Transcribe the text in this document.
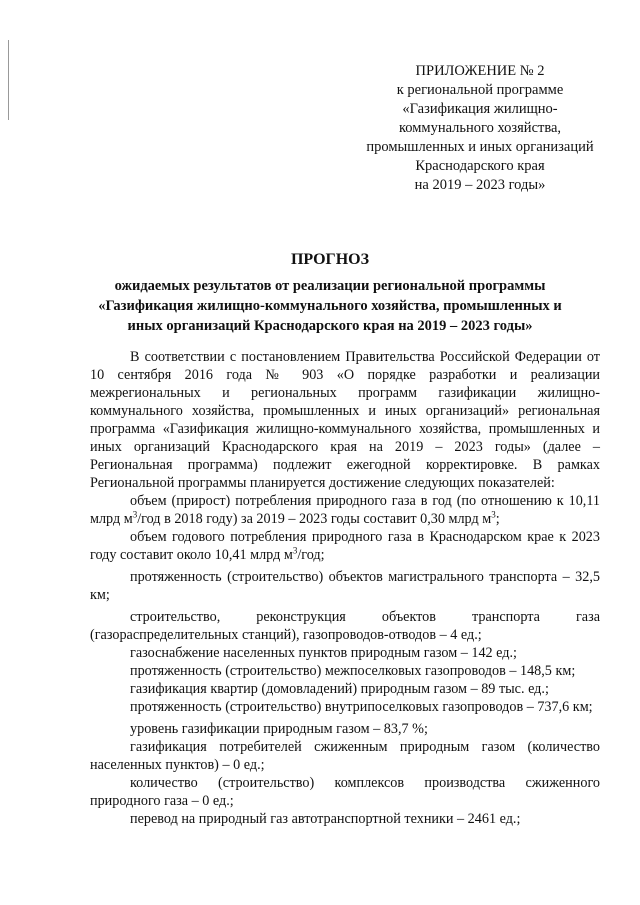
ПРИЛОЖЕНИЕ № 2
к региональной программе
«Газификация жилищно-
коммунального хозяйства,
промышленных и иных организаций
Краснодарского края
на 2019 – 2023 годы»
ПРОГНОЗ
ожидаемых результатов от реализации региональной программы
«Газификация жилищно-коммунального хозяйства, промышленных и
иных организаций Краснодарского края на 2019 – 2023 годы»

В соответствии с постановлением Правительства Российской Федерации от 10 сентября 2016 года № 903 «О порядке разработки и реализации межрегиональных и региональных программ газификации жилищно-коммунального хозяйства, промышленных и иных организаций» региональная программа «Газификация жилищно-коммунального хозяйства, промышленных и иных организаций Краснодарского края на 2019 – 2023 годы» (далее – Региональная программа) подлежит ежегодной корректировке. В рамках Региональной программы планируется достижение следующих показателей:

объем (прирост) потребления природного газа в год (по отношению к 10,11 млрд $м^3$/год в 2018 году) за 2019 – 2023 годы составит 0,30 млрд $м^3$;

объем годового потребления природного газа в Краснодарском крае к 2023 году составит около 10,41 млрд $м^3$/год;

протяженность (строительство) объектов магистрального транспорта – 32,5 км;

строительство, реконструкция объектов транспорта газа (газораспределительных станций), газопроводов-отводов – 4 ед.;

газоснабжение населенных пунктов природным газом – 142 ед.;

протяженность (строительство) межпоселковых газопроводов – 148,5 км;

газификация квартир (домовладений) природным газом – 89 тыс. ед.;

протяженность (строительство) внутрипоселковых газопроводов – 737,6 км;

уровень газификации природным газом – 83,7 %;

газификация потребителей сжиженным природным газом (количество населенных пунктов) – 0 ед.;

количество (строительство) комплексов производства сжиженного природного газа – 0 ед.;

перевод на природный газ автотранспортной техники – 2461 ед.;
